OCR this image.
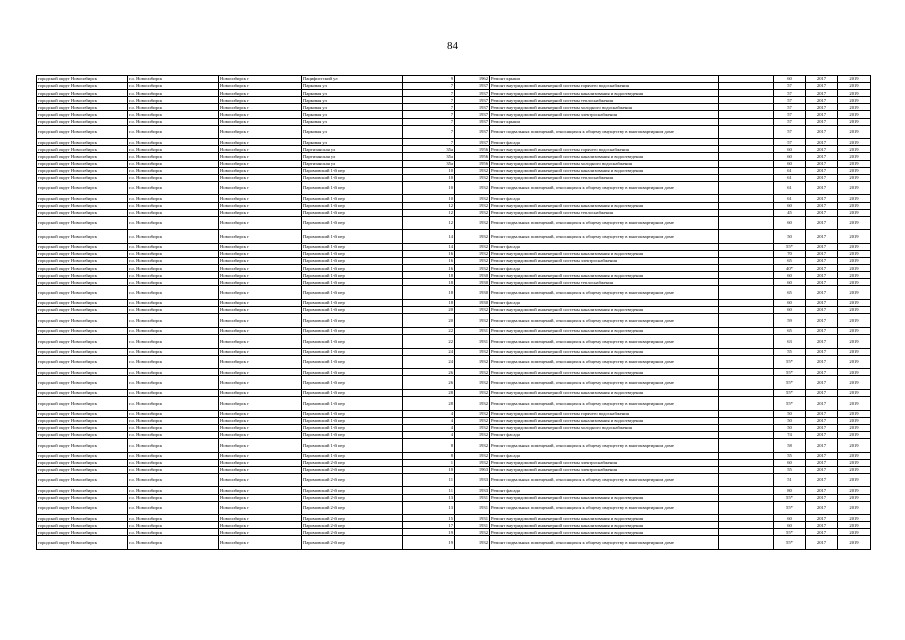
84
городской округ Новосибирск	г.о. Новосибирск	Новосибирск г	Пацифистский ул	9	1962	Ремонт крыши		60	2017	2019
городской округ Новосибирск	г.о. Новосибирск	Новосибирск г	Парковая ул	7	1937	Ремонт внутридомовой инженерной системы горячего водоснабжения		57	2017	2019
городской округ Новосибирск	г.о. Новосибирск	Новосибирск г	Парковая ул	7	1937	Ремонт внутридомовой инженерной системы канализования и водоотведения		57	2017	2019
городской округ Новосибирск	г.о. Новосибирск	Новосибирск г	Парковая ул	7	1937	Ремонт внутридомовой инженерной системы теплоснабжения		57	2017	2019
городской округ Новосибирск	г.о. Новосибирск	Новосибирск г	Парковая ул	7	1937	Ремонт внутридомовой инженерной системы холодного водоснабжения		57	2017	2019
городской округ Новосибирск	г.о. Новосибирск	Новосибирск г	Парковая ул	7	1937	Ремонт внутридомовой инженерной системы электроснабжения		57	2017	2019
городской округ Новосибирск	г.о. Новосибирск	Новосибирск г	Парковая ул	7	1937	Ремонт крыши		57	2017	2019
городской округ Новосибирск	г.о. Новосибирск	Новосибирск г	Парковая ул	7	1937	Ремонт подвальных помещений, относящихся к общему имуществу в многоквартирном доме		57	2017	2019
городской округ Новосибирск	г.о. Новосибирск	Новосибирск г	Парковая ул	7	1937	Ремонт фасада		57	2017	2019
городской округ Новосибирск	г.о. Новосибирск	Новосибирск г	Партизанская ул	35а	1956	Ремонт внутридомовой инженерной системы горячего водоснабжения		60	2017	2019
городской округ Новосибирск	г.о. Новосибирск	Новосибирск г	Партизанская ул	35а	1956	Ремонт внутридомовой инженерной системы канализования и водоотведения		60	2017	2019
городской округ Новосибирск	г.о. Новосибирск	Новосибирск г	Партизанская ул	35а	1956	Ремонт внутридомовой инженерной системы холодного водоснабжения		60	2017	2019
городской округ Новосибирск	г.о. Новосибирск	Новосибирск г	Паромовский 1-й пер	10	1932	Ремонт внутридомовой инженерной системы канализования и водоотведения		61	2017	2019
городской округ Новосибирск	г.о. Новосибирск	Новосибирск г	Паромовский 1-й пер	10	1932	Ремонт внутридомовой инженерной системы теплоснабжения		61	2017	2019
городской округ Новосибирск	г.о. Новосибирск	Новосибирск г	Паромовский 1-й пер	10	1932	Ремонт подвальных помещений, относящихся к общему имуществу в многоквартирном доме		61	2017	2019
городской округ Новосибирск	г.о. Новосибирск	Новосибирск г	Паромовский 1-й пер	10	1932	Ремонт фасада		61	2017	2019
городской округ Новосибирск	г.о. Новосибирск	Новосибирск г	Паромовский 1-й пер	12	1932	Ремонт внутридомовой инженерной системы канализования и водоотведения		60	2017	2019
городской округ Новосибирск	г.о. Новосибирск	Новосибирск г	Паромовский 1-й пер	12	1932	Ремонт внутридомовой инженерной системы теплоснабжения		45	2017	2019
городской округ Новосибирск	г.о. Новосибирск	Новосибирск г	Паромовский 1-й пер	12	1932	Ремонт подвальных помещений, относящихся к общему имуществу в многоквартирном доме		60	2017	2019
городской округ Новосибирск	г.о. Новосибирск	Новосибирск г	Паромовский 1-й пер	14	1932	Ремонт подвальных помещений, относящихся к общему имуществу в многоквартирном доме		50	2017	2019
городской округ Новосибирск	г.о. Новосибирск	Новосибирск г	Паромовский 1-й пер	14	1932	Ремонт фасада		55*	2017	2019
городской округ Новосибирск	г.о. Новосибирск	Новосибирск г	Паромовский 1-й пер	16	1932	Ремонт внутридомовой инженерной системы канализования и водоотведения		70	2017	2019
городской округ Новосибирск	г.о. Новосибирск	Новосибирск г	Паромовский 1-й пер	16	1932	Ремонт внутридомовой инженерной системы электроснабжения		65	2017	2019
городской округ Новосибирск	г.о. Новосибирск	Новосибирск г	Паромовский 1-й пер	16	1932	Ремонт фасада		40*	2017	2019
городской округ Новосибирск	г.о. Новосибирск	Новосибирск г	Паромовский 1-й пер	18	1930	Ремонт внутридомовой инженерной системы канализования и водоотведения		60	2017	2019
городской округ Новосибирск	г.о. Новосибирск	Новосибирск г	Паромовский 1-й пер	18	1930	Ремонт внутридомовой инженерной системы теплоснабжения		60	2017	2019
городской округ Новосибирск	г.о. Новосибирск	Новосибирск г	Паромовский 1-й пер	18	1930	Ремонт подвальных помещений, относящихся к общему имуществу в многоквартирном доме		65	2017	2019
городской округ Новосибирск	г.о. Новосибирск	Новосибирск г	Паромовский 1-й пер	18	1930	Ремонт фасада		60	2017	2019
городской округ Новосибирск	г.о. Новосибирск	Новосибирск г	Паромовский 1-й пер	20	1932	Ремонт внутридомовой инженерной системы канализования и водоотведения		60	2017	2019
городской округ Новосибирск	г.о. Новосибирск	Новосибирск г	Паромовский 1-й пер	20	1932	Ремонт подвальных помещений, относящихся к общему имуществу в многоквартирном доме		59	2017	2019
городской округ Новосибирск	г.о. Новосибирск	Новосибирск г	Паромовский 1-й пер	22	1931	Ремонт внутридомовой инженерной системы канализования и водоотведения		65	2017	2019
городской округ Новосибирск	г.о. Новосибирск	Новосибирск г	Паромовский 1-й пер	22	1931	Ремонт подвальных помещений, относящихся к общему имуществу в многоквартирном доме		63	2017	2019
городской округ Новосибирск	г.о. Новосибирск	Новосибирск г	Паромовский 1-й пер	24	1932	Ремонт внутридомовой инженерной системы канализования и водоотведения		55	2017	2019
городской округ Новосибирск	г.о. Новосибирск	Новосибирск г	Паромовский 1-й пер	24	1932	Ремонт подвальных помещений, относящихся к общему имуществу в многоквартирном доме		55*	2017	2019
городской округ Новосибирск	г.о. Новосибирск	Новосибирск г	Паромовский 1-й пер	26	1932	Ремонт внутридомовой инженерной системы канализования и водоотведения		55*	2017	2019
городской округ Новосибирск	г.о. Новосибирск	Новосибирск г	Паромовский 1-й пер	26	1932	Ремонт подвальных помещений, относящихся к общему имуществу в многоквартирном доме		55*	2017	2019
городской округ Новосибирск	г.о. Новосибирск	Новосибирск г	Паромовский 1-й пер	28	1932	Ремонт внутридомовой инженерной системы канализования и водоотведения		55*	2017	2019
городской округ Новосибирск	г.о. Новосибирск	Новосибирск г	Паромовский 1-й пер	28	1932	Ремонт подвальных помещений, относящихся к общему имуществу в многоквартирном доме		55*	2017	2019
городской округ Новосибирск	г.о. Новосибирск	Новосибирск г	Паромовский 1-й пер	4	1932	Ремонт внутридомовой инженерной системы горячего водоснабжения		50	2017	2019
городской округ Новосибирск	г.о. Новосибирск	Новосибирск г	Паромовский 1-й пер	4	1932	Ремонт внутридомовой инженерной системы канализования и водоотведения		50	2017	2019
городской округ Новосибирск	г.о. Новосибирск	Новосибирск г	Паромовский 1-й пер	4	1932	Ремонт внутридомовой инженерной системы холодного водоснабжения		50	2017	2019
городской округ Новосибирск	г.о. Новосибирск	Новосибирск г	Паромовский 1-й пер	4	1932	Ремонт фасада		74	2017	2019
городской округ Новосибирск	г.о. Новосибирск	Новосибирск г	Паромовский 1-й пер	8	1932	Ремонт подвальных помещений, относящихся к общему имуществу в многоквартирном доме		58	2017	2019
городской округ Новосибирск	г.о. Новосибирск	Новосибирск г	Паромовский 1-й пер	8	1932	Ремонт фасада		55	2017	2019
городской округ Новосибирск	г.о. Новосибирск	Новосибирск г	Паромовский 2-й пер	1	1932	Ремонт внутридомовой инженерной системы электроснабжения		60	2017	2019
городской округ Новосибирск	г.о. Новосибирск	Новосибирск г	Паромовский 2-й пер	10	1963	Ремонт внутридомовой инженерной системы электроснабжения		55	2017	2019
городской округ Новосибирск	г.о. Новосибирск	Новосибирск г	Паромовский 2-й пер	11	1933	Ремонт подвальных помещений, относящихся к общему имуществу в многоквартирном доме		51	2017	2019
городской округ Новосибирск	г.о. Новосибирск	Новосибирск г	Паромовский 2-й пер	11	1933	Ремонт фасада		80	2017	2019
городской округ Новосибирск	г.о. Новосибирск	Новосибирск г	Паромовский 2-й пер	13	1931	Ремонт внутридомовой инженерной системы канализования и водоотведения		55*	2017	2019
городской округ Новосибирск	г.о. Новосибирск	Новосибирск г	Паромовский 2-й пер	13	1931	Ремонт подвальных помещений, относящихся к общему имуществу в многоквартирном доме		55*	2017	2019
городской округ Новосибирск	г.о. Новосибирск	Новосибирск г	Паромовский 2-й пер	15	1931	Ремонт внутридомовой инженерной системы канализования и водоотведения		60	2017	2019
городской округ Новосибирск	г.о. Новосибирск	Новосибирск г	Паромовский 2-й пер	17	1931	Ремонт внутридомовой инженерной системы канализования и водоотведения		60	2017	2019
городской округ Новосибирск	г.о. Новосибирск	Новосибирск г	Паромовский 2-й пер	19	1932	Ремонт внутридомовой инженерной системы канализования и водоотведения		55*	2017	2019
городской округ Новосибирск	г.о. Новосибирск	Новосибирск г	Паромовский 2-й пер	19	1932	Ремонт подвальных помещений, относящихся к общему имуществу в многоквартирном доме		55*	2017	2019
